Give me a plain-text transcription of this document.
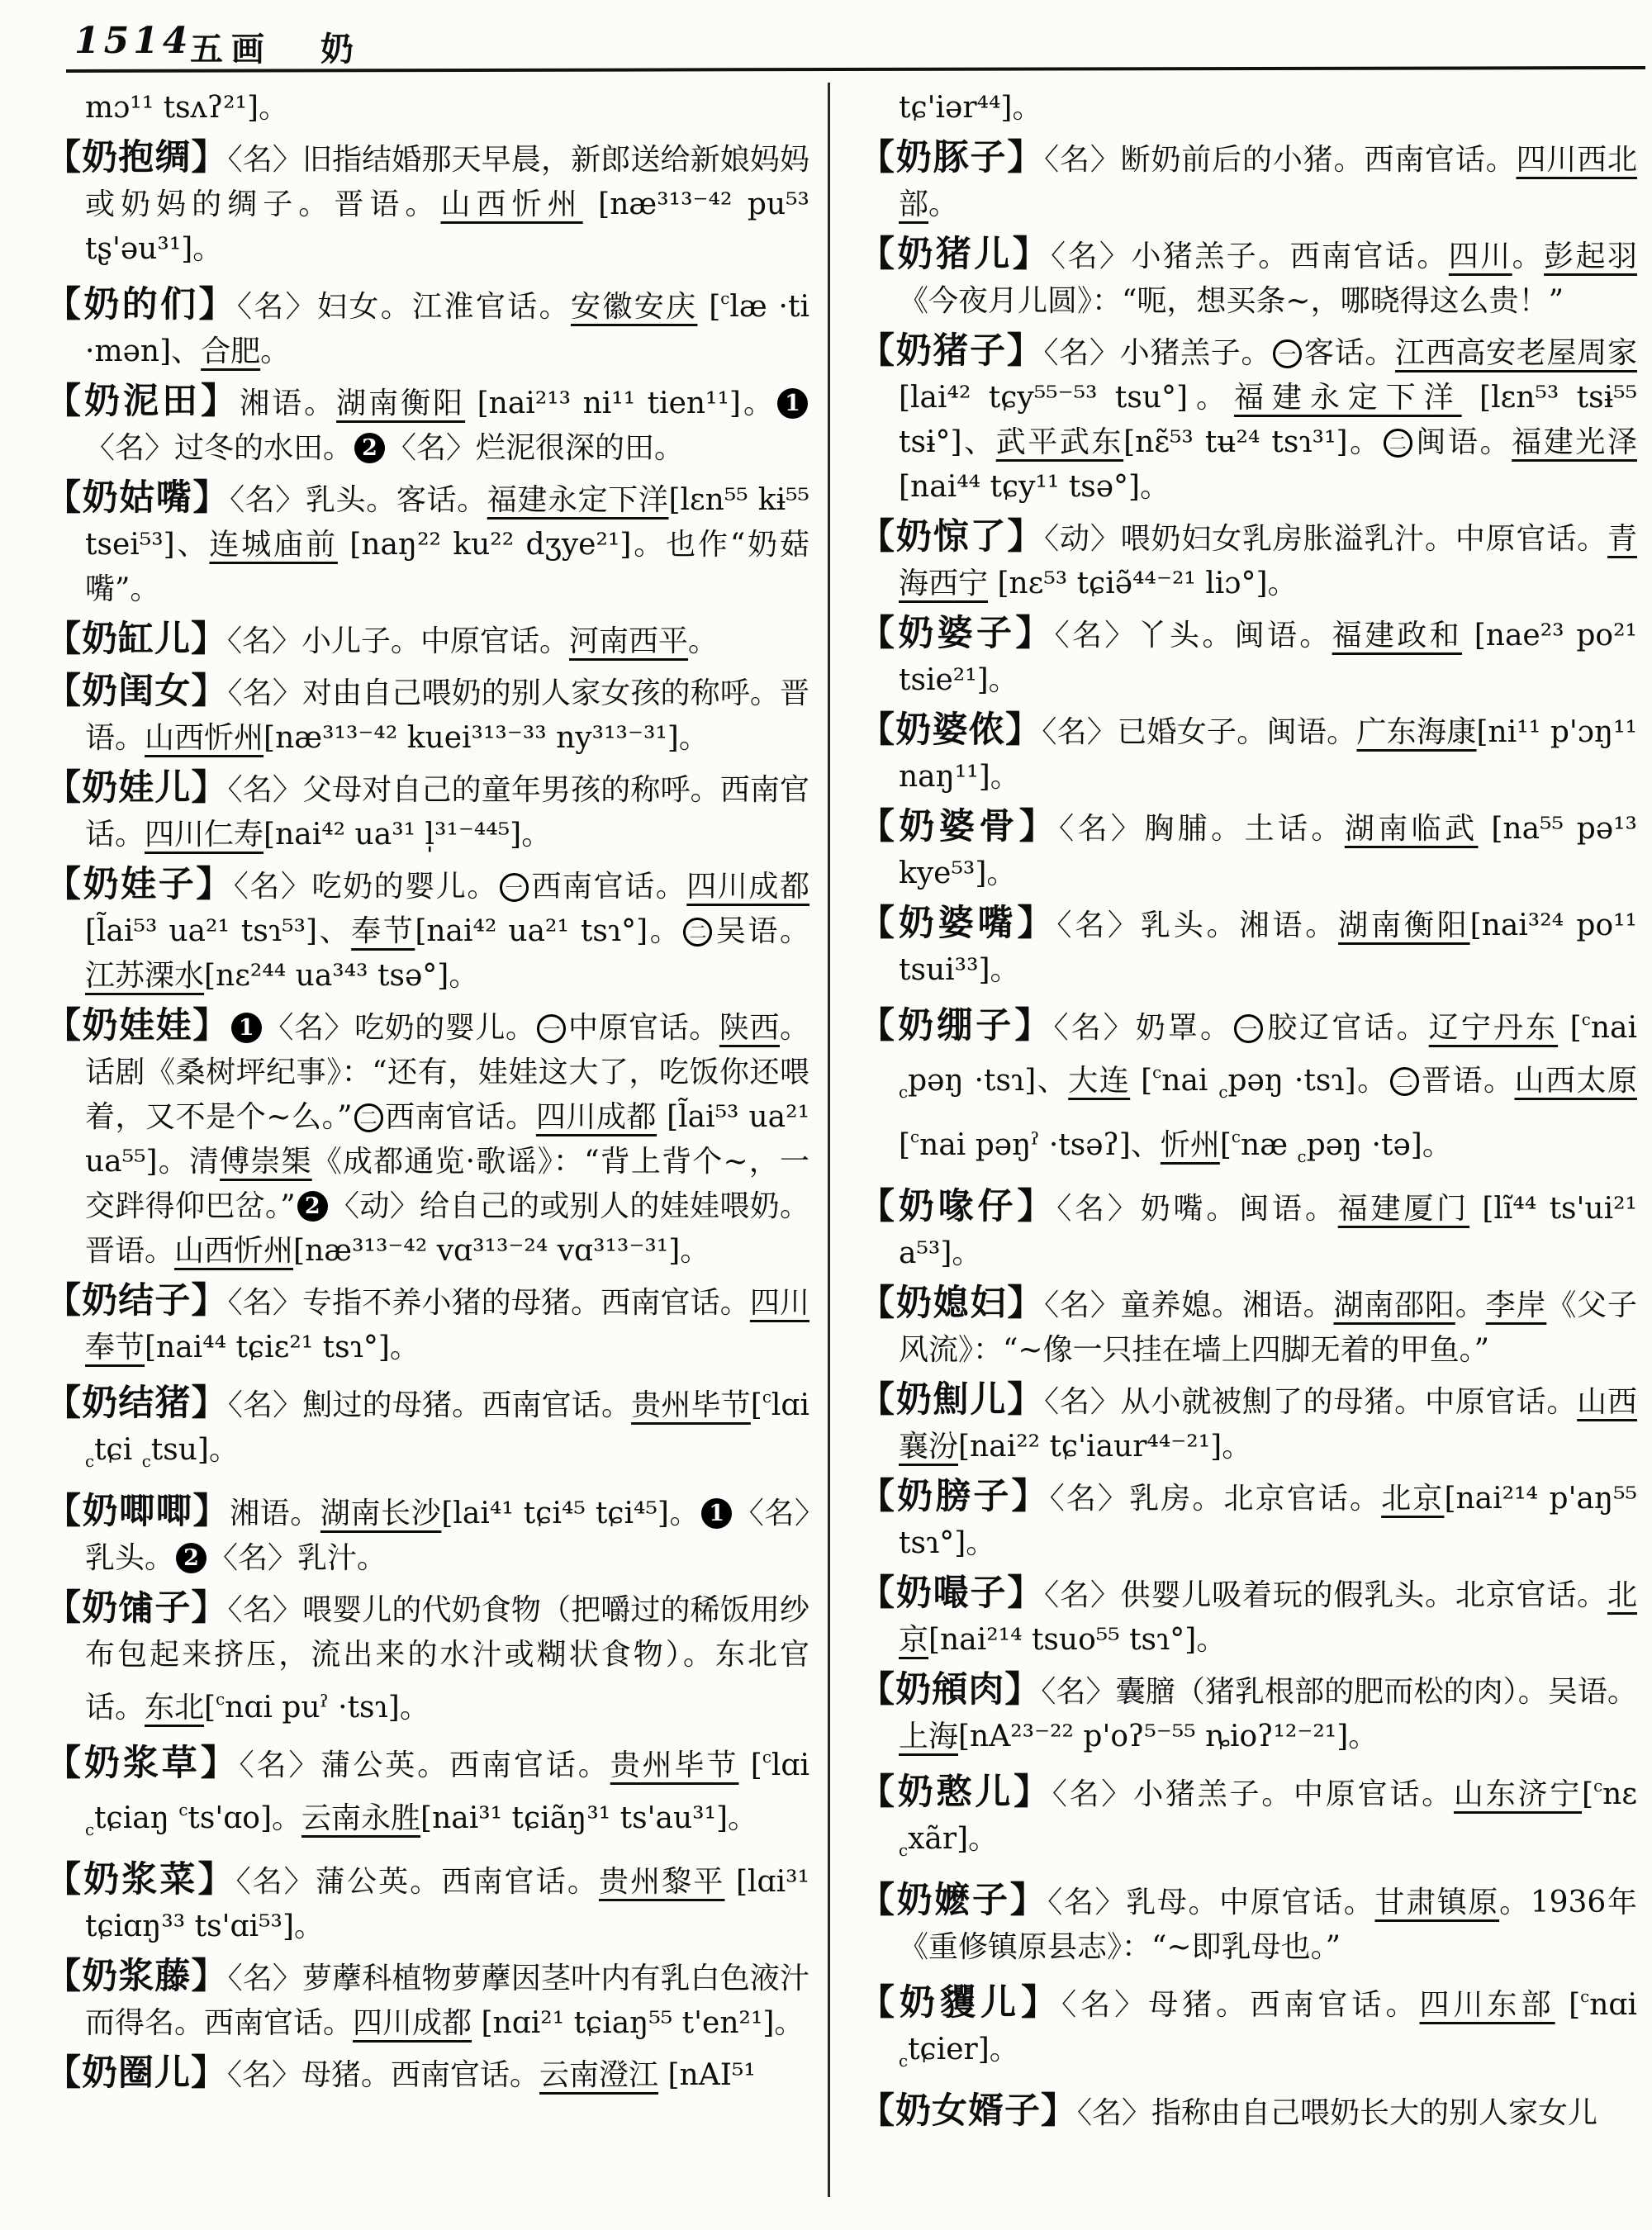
1514
五画 奶

mɔ¹¹ tsʌʔ²¹]。

【奶抱绸】〈名〉旧指结婚那天早晨，新郎送给新娘妈妈或奶妈的绸子。晋语。山西忻州 [næ³¹³⁻⁴² pu⁵³ tʂ'əu³¹]。

【奶的们】〈名〉妇女。江淮官话。安徽安庆 [$^c$læ ·ti ·mən]、合肥。

【奶泥田】湘语。湖南衡阳 [nai²¹³ ni¹¹ tien¹¹]。 1〈名〉过冬的水田。 2 〈名〉烂泥很深的田。

【奶姑嘴】〈名〉乳头。客话。福建永定下洋[lɛn⁵⁵ kɨ⁵⁵ tsei⁵³]、连城庙前 [naŋ²² ku²² dʒye²¹]。也作“奶菇嘴”。

【奶缸儿】〈名〉小儿子。中原官话。河南西平。

【奶闺女】〈名〉对由自己喂奶的别人家女孩的称呼。晋语。山西忻州[næ³¹³⁻⁴² kuei³¹³⁻³³ ny³¹³⁻³¹]。

【奶娃儿】〈名〉父母对自己的童年男孩的称呼。西南官话。四川仁寿[nai⁴² ua³¹ l̩³¹⁻⁴⁴⁵]。

【奶娃子】〈名〉吃奶的婴儿。 一 西南官话。四川成都 [l̃ai⁵³ ua²¹ tsɿ⁵³]、奉节[nai⁴² ua²¹ tsɿ°]。 二 吴语。江苏溧水[nɛ²⁴⁴ ua³⁴³ tsə°]。

【奶娃娃】 1 〈名〉吃奶的婴儿。 一 中原官话。陕西。话剧《桑树坪纪事》：“还有，娃娃这大了，吃饭你还喂着，又不是个~么。” 二 西南官话。四川成都 [l̃ai⁵³ ua²¹ ua⁵⁵]。清傅崇榘《成都通览·歌谣》：“背上背个~，一交跘得仰巴岔。” 2 〈动〉给自己的或别人的娃娃喂奶。晋语。山西忻州[næ³¹³⁻⁴² vɑ³¹³⁻²⁴ vɑ³¹³⁻³¹]。

【奶结子】〈名〉专指不养小猪的母猪。西南官话。四川奉节[nai⁴⁴ tɕiɛ²¹ tsɿ°]。

【奶结猪】〈名〉劁过的母猪。西南官话。贵州毕节[$^c$lɑi $_c$tɕi $_c$tsu]。

【奶唧唧】湘语。湖南长沙[lai⁴¹ tɕi⁴⁵ tɕi⁴⁵]。 1 〈名〉乳头。 2 〈名〉乳汁。

【奶𫗦子】〈名〉喂婴儿的代奶食物（把嚼过的稀饭用纱布包起来挤压，流出来的水汁或糊状食物）。东北官话。东北[$^c$nɑi puˀ ·tsɿ]。

【奶浆草】〈名〉蒲公英。西南官话。贵州毕节 [$^c$lɑi $_c$tɕiaŋ $^c$ts'ɑo]。云南永胜[nai³¹ tɕiãŋ³¹ ts'au³¹]。

【奶浆菜】〈名〉蒲公英。西南官话。贵州黎平 [lɑi³¹ tɕiɑŋ³³ ts'ɑi⁵³]。

【奶浆藤】〈名〉萝藦科植物萝藦因茎叶内有乳白色液汁而得名。西南官话。四川成都 [nɑi²¹ tɕiaŋ⁵⁵ t'en²¹]。

【奶圈儿】〈名〉母猪。西南官话。云南澄江 [nAI⁵¹

tɕ'iər⁴⁴]。

【奶豚子】〈名〉断奶前后的小猪。西南官话。四川西北部。

【奶猪儿】〈名〉小猪羔子。西南官话。四川。彭起羽《今夜月儿圆》：“呃，想买条~，哪晓得这么贵！”

【奶猪子】〈名〉小猪羔子。 一 客话。江西高安老屋周家 [lai⁴² tɕy⁵⁵⁻⁵³ tsu°]。福建永定下洋 [lɛn⁵³ tsɨ⁵⁵ tsɨ°]、武平武东[nɛ̃⁵³ tʉ²⁴ tsɿ³¹]。 二 闽语。福建光泽[nai⁴⁴ tɕy¹¹ tsə°]。

【奶惊了】〈动〉喂奶妇女乳房胀溢乳汁。中原官话。青海西宁 [nɛ⁵³ tɕiə̃⁴⁴⁻²¹ liɔ°]。

【奶婆子】〈名〉丫头。闽语。福建政和 [nae²³ po²¹ tsie²¹]。

【奶婆侬】〈名〉已婚女子。闽语。广东海康[ni¹¹ p'ɔŋ¹¹ naŋ¹¹]。

【奶婆骨】〈名〉胸脯。土话。湖南临武 [na⁵⁵ pə¹³ kye⁵³]。

【奶婆嘴】〈名〉乳头。湘语。湖南衡阳[nai³²⁴ po¹¹ tsui³³]。

【奶绷子】〈名〉奶罩。 一 胶辽官话。辽宁丹东 [$^c$nai $_c$pəŋ ·tsɿ]、大连 [$^c$nai $_c$pəŋ ·tsɿ]。 二 晋语。山西太原[$^c$nai pəŋˀ ·tsəʔ]、忻州[$^c$næ $_c$pəŋ ·tə]。

【奶喙仔】〈名〉奶嘴。闽语。福建厦门 [lĩ⁴⁴ ts'ui²¹ a⁵³]。

【奶媳妇】〈名〉童养媳。湘语。湖南邵阳。李岸《父子风流》：“~像一只挂在墙上四脚无着的甲鱼。”

【奶劁儿】〈名〉从小就被劁了的母猪。中原官话。山西襄汾[nai²² tɕ'iaur⁴⁴⁻²¹]。

【奶膀子】〈名〉乳房。北京官话。北京[nai²¹⁴ p'aŋ⁵⁵ tsɿ°]。

【奶嘬子】〈名〉供婴儿吸着玩的假乳头。北京官话。北京[nai²¹⁴ tsuo⁵⁵ tsɿ°]。

【奶䪻肉】〈名〉囊膪（猪乳根部的肥而松的肉）。吴语。上海[nA²³⁻²² p'oʔ⁵⁻⁵⁵ ȵioʔ¹²⁻²¹]。

【奶憨儿】〈名〉小猪羔子。中原官话。山东济宁[$^c$nɛ $_c$xãr]。

【奶嬷子】〈名〉乳母。中原官话。甘肃镇原。1936年《重修镇原县志》：“~即乳母也。”

【奶貜儿】〈名〉母猪。西南官话。四川东部 [$^c$nɑi $_c$tɕier]。

【奶女婿子】〈名〉指称由自己喂奶长大的别人家女儿
